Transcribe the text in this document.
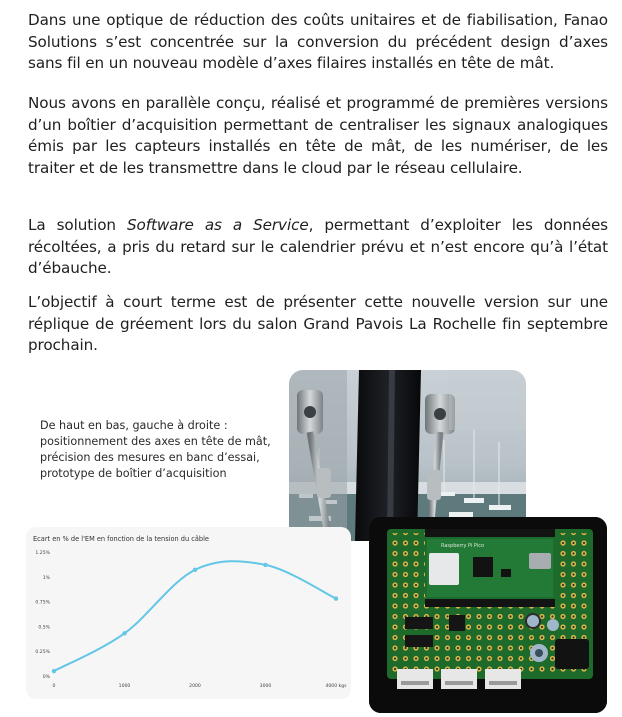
Dans une optique de réduction des coûts unitaires et de fiabilisation, Fanao Solutions s’est concentrée sur la conversion du précédent design d’axes sans fil en un nouveau modèle d’axes filaires installés en tête de mât.

Nous avons en parallèle conçu, réalisé et programmé de premières versions d’un boîtier d’acquisition permettant de centraliser les signaux analogiques émis par les capteurs installés en tête de mât, de les numériser, de les traiter et de les transmettre dans le cloud par le réseau cellulaire.

La solution Software as a Service, permettant d’exploiter les données récoltées, a pris du retard sur le calendrier prévu et n’est encore qu’à l’état d’ébauche.

L’objectif à court terme est de présenter cette nouvelle version sur une réplique de gréement lors du salon Grand Pavois La Rochelle fin septembre prochain.

De haut en bas, gauche à droite :
positionnement des axes en tête de mât,
précision des mesures en banc d’essai,
prototype de boîtier d’acquisition
Ecart en % de l'EM en fonction de la tension du câble
0%
0.25%
0.5%
0.75%
1%
1.25%
0	1000	2000	3000	4000 kgs
Raspberry Pi Pico
